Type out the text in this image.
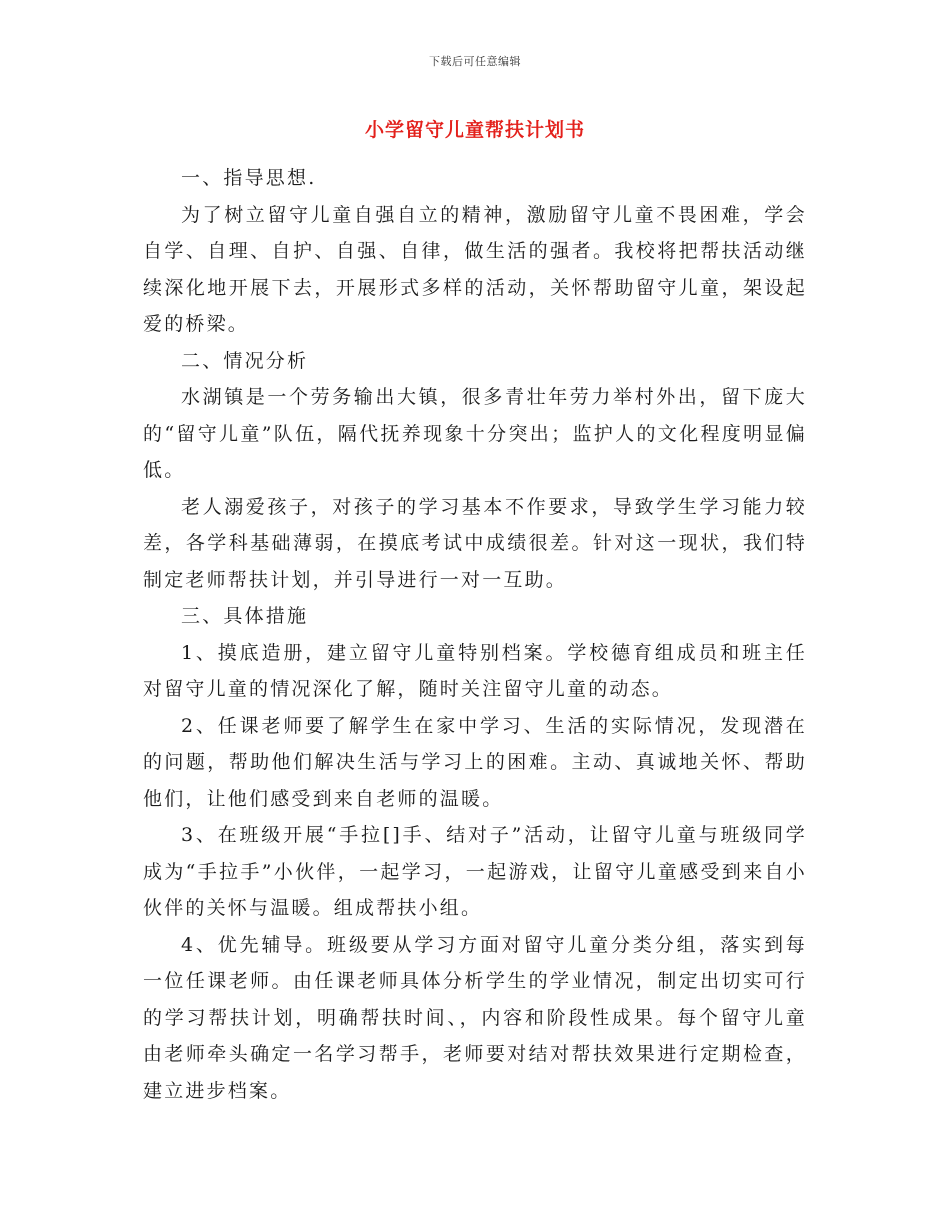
下载后可任意编辑
小学留守儿童帮扶计划书

一、指导思想.

为了树立留守儿童自强自立的精神，激励留守儿童不畏困难，学会自学、自理、自护、自强、自律，做生活的强者。我校将把帮扶活动继续深化地开展下去，开展形式多样的活动，关怀帮助留守儿童，架设起爱的桥梁。

二、情况分析

水湖镇是一个劳务输出大镇，很多青壮年劳力举村外出，留下庞大的“留守儿童”队伍，隔代抚养现象十分突出；监护人的文化程度明显偏低。

老人溺爱孩子，对孩子的学习基本不作要求，导致学生学习能力较差，各学科基础薄弱，在摸底考试中成绩很差。针对这一现状，我们特制定老师帮扶计划，并引导进行一对一互助。

三、具体措施

1、摸底造册，建立留守儿童特别档案。学校德育组成员和班主任对留守儿童的情况深化了解，随时关注留守儿童的动态。

2、任课老师要了解学生在家中学习、生活的实际情况，发现潜在的问题，帮助他们解决生活与学习上的困难。主动、真诚地关怀、帮助他们，让他们感受到来自老师的温暖。

3、在班级开展“手拉[]手、结对子”活动，让留守儿童与班级同学成为“手拉手”小伙伴，一起学习，一起游戏，让留守儿童感受到来自小伙伴的关怀与温暖。组成帮扶小组。

4、优先辅导。班级要从学习方面对留守儿童分类分组，落实到每一位任课老师。由任课老师具体分析学生的学业情况，制定出切实可行的学习帮扶计划，明确帮扶时间、，内容和阶段性成果。每个留守儿童由老师牵头确定一名学习帮手，老师要对结对帮扶效果进行定期检查，建立进步档案。
